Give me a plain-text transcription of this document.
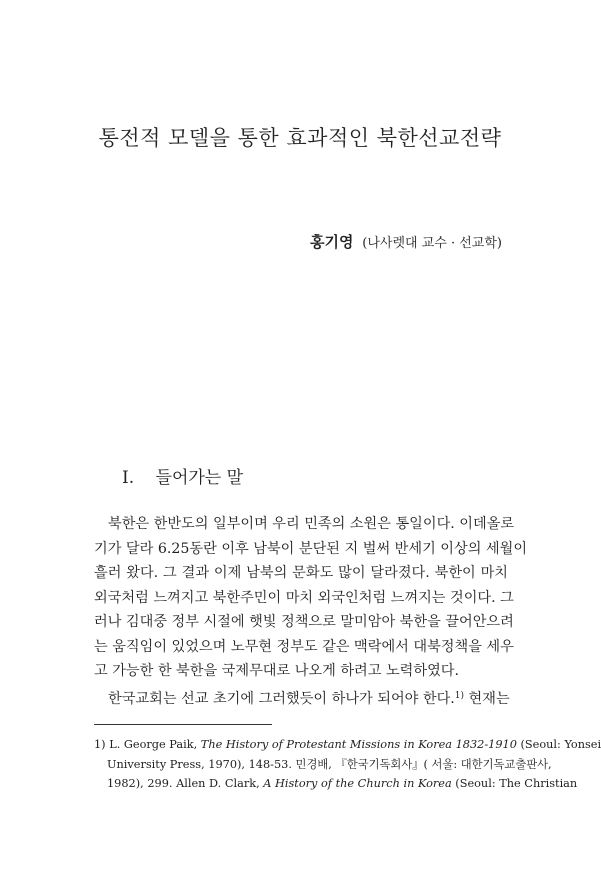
통전적 모델을 통한 효과적인 북한선교전략
홍기영 (나사렛대 교수 · 선교학)
I. 들어가는 말
북한은 한반도의 일부이며 우리 민족의 소원은 통일이다. 이데올로
기가 달라 6.25동란 이후 남북이 분단된 지 벌써 반세기 이상의 세월이
흘러 왔다. 그 결과 이제 남북의 문화도 많이 달라졌다. 북한이 마치
외국처럼 느껴지고 북한주민이 마치 외국인처럼 느껴지는 것이다. 그
러나 김대중 정부 시절에 햇빛 정책으로 말미암아 북한을 끌어안으려
는 움직임이 있었으며 노무현 정부도 같은 맥락에서 대북정책을 세우
고 가능한 한 북한을 국제무대로 나오게 하려고 노력하였다.
한국교회는 선교 초기에 그러했듯이 하나가 되어야 한다.$^{1)}$ 현재는
1) L. George Paik, The History of Protestant Missions in Korea 1832-1910 (Seoul: Yonsei
University Press, 1970), 148-53. 민경배, 『한국기독회사』( 서울: 대한기독교출판사,
1982), 299. Allen D. Clark, A History of the Church in Korea (Seoul: The Christian
